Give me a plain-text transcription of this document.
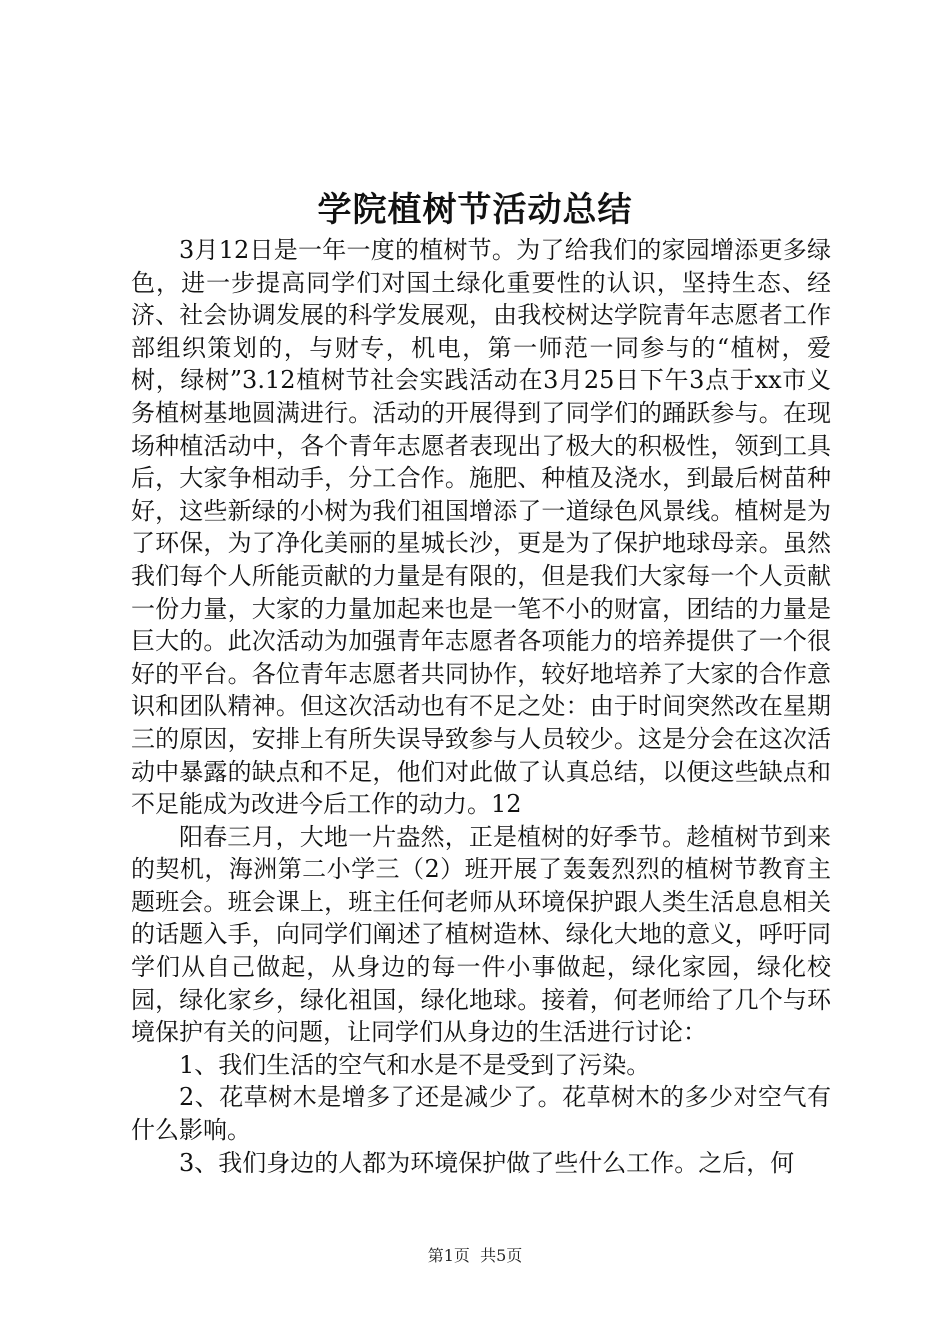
学院植树节活动总结

3月12日是一年一度的植树节。为了给我们的家园增添更多绿色，进一步提高同学们对国土绿化重要性的认识，坚持生态、经济、社会协调发展的科学发展观，由我校树达学院青年志愿者工作部组织策划的，与财专，机电，第一师范一同参与的“植树，爱树，绿树”3.12植树节社会实践活动在3月25日下午3点于xx市义务植树基地圆满进行。活动的开展得到了同学们的踊跃参与。在现场种植活动中，各个青年志愿者表现出了极大的积极性，领到工具后，大家争相动手，分工合作。施肥、种植及浇水，到最后树苗种好，这些新绿的小树为我们祖国增添了一道绿色风景线。植树是为了环保，为了净化美丽的星城长沙，更是为了保护地球母亲。虽然我们每个人所能贡献的力量是有限的，但是我们大家每一个人贡献一份力量，大家的力量加起来也是一笔不小的财富，团结的力量是巨大的。此次活动为加强青年志愿者各项能力的培养提供了一个很好的平台。各位青年志愿者共同协作，较好地培养了大家的合作意识和团队精神。但这次活动也有不足之处：由于时间突然改在星期三的原因，安排上有所失误导致参与人员较少。这是分会在这次活动中暴露的缺点和不足，他们对此做了认真总结，以便这些缺点和不足能成为改进今后工作的动力。12

阳春三月，大地一片盎然，正是植树的好季节。趁植树节到来的契机，海洲第二小学三（2）班开展了轰轰烈烈的植树节教育主题班会。班会课上，班主任何老师从环境保护跟人类生活息息相关的话题入手，向同学们阐述了植树造林、绿化大地的意义，呼吁同学们从自己做起，从身边的每一件小事做起，绿化家园，绿化校园，绿化家乡，绿化祖国，绿化地球。接着，何老师给了几个与环境保护有关的问题，让同学们从身边的生活进行讨论：

1、我们生活的空气和水是不是受到了污染。

2、花草树木是增多了还是减少了。花草树木的多少对空气有什么影响。

3、我们身边的人都为环境保护做了些什么工作。之后，何

第1页 共5页
